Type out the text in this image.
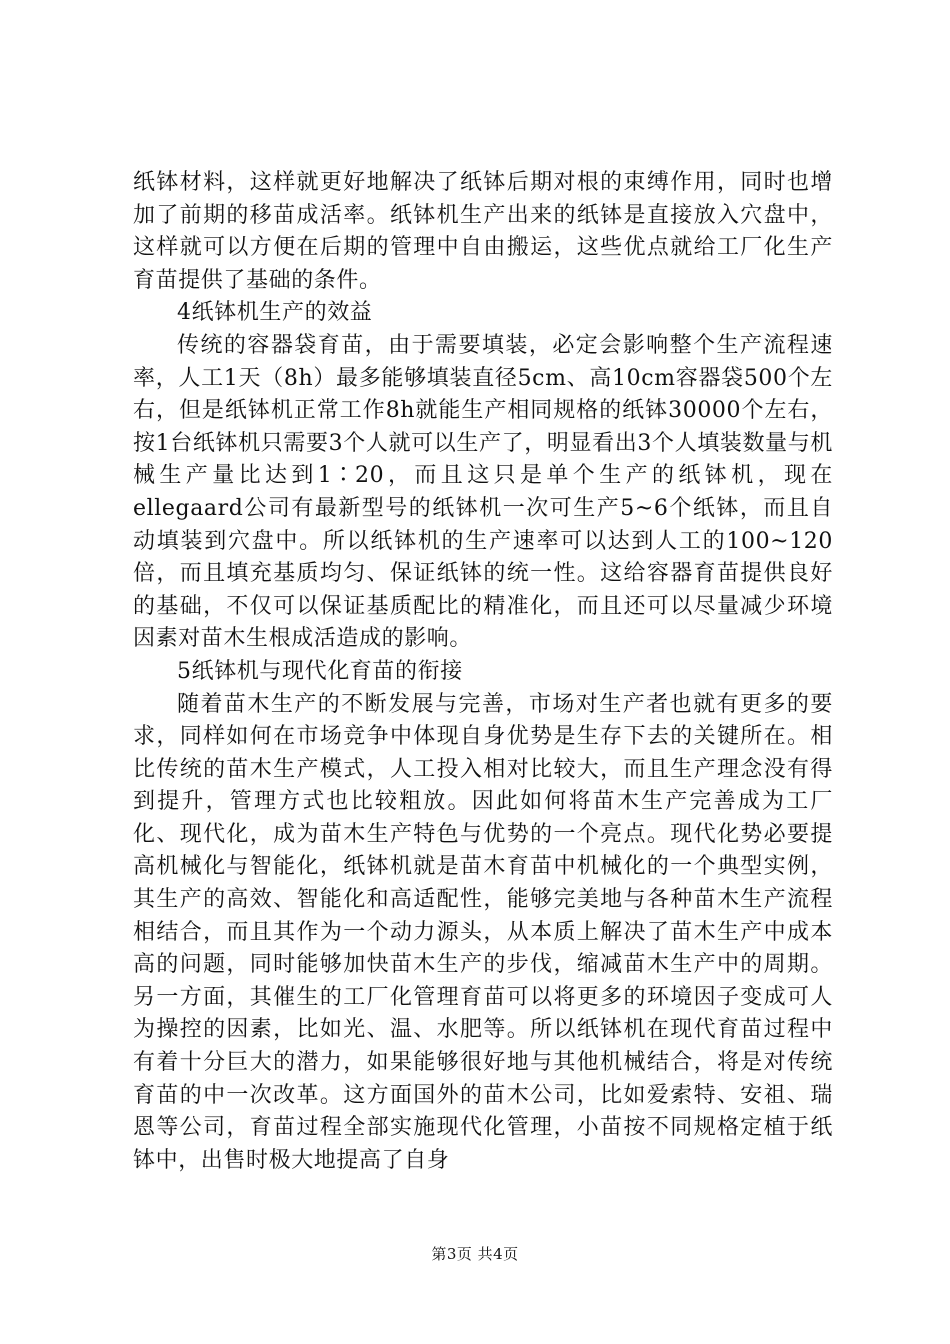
纸钵材料，这样就更好地解决了纸钵后期对根的束缚作用，同时也增加了前期的移苗成活率。纸钵机生产出来的纸钵是直接放入穴盘中，这样就可以方便在后期的管理中自由搬运，这些优点就给工厂化生产育苗提供了基础的条件。

4纸钵机生产的效益

传统的容器袋育苗，由于需要填装，必定会影响整个生产流程速率，人工1天（8h）最多能够填装直径5cm、高10cm容器袋500个左右，但是纸钵机正常工作8h就能生产相同规格的纸钵30000个左右，按1台纸钵机只需要3个人就可以生产了，明显看出3个人填装数量与机械生产量比达到1∶20，而且这只是单个生产的纸钵机，现在ellegaard公司有最新型号的纸钵机一次可生产5~6个纸钵，而且自动填装到穴盘中。所以纸钵机的生产速率可以达到人工的100~120倍，而且填充基质均匀、保证纸钵的统一性。这给容器育苗提供良好的基础，不仅可以保证基质配比的精准化，而且还可以尽量减少环境因素对苗木生根成活造成的影响。

5纸钵机与现代化育苗的衔接

随着苗木生产的不断发展与完善，市场对生产者也就有更多的要求，同样如何在市场竞争中体现自身优势是生存下去的关键所在。相比传统的苗木生产模式，人工投入相对比较大，而且生产理念没有得到提升，管理方式也比较粗放。因此如何将苗木生产完善成为工厂化、现代化，成为苗木生产特色与优势的一个亮点。现代化势必要提高机械化与智能化，纸钵机就是苗木育苗中机械化的一个典型实例，其生产的高效、智能化和高适配性，能够完美地与各种苗木生产流程相结合，而且其作为一个动力源头，从本质上解决了苗木生产中成本高的问题，同时能够加快苗木生产的步伐，缩减苗木生产中的周期。另一方面，其催生的工厂化管理育苗可以将更多的环境因子变成可人为操控的因素，比如光、温、水肥等。所以纸钵机在现代育苗过程中有着十分巨大的潜力，如果能够很好地与其他机械结合，将是对传统育苗的中一次改革。这方面国外的苗木公司，比如爱索特、安祖、瑞恩等公司，育苗过程全部实施现代化管理，小苗按不同规格定植于纸钵中，出售时极大地提高了自身

第3页 共4页
